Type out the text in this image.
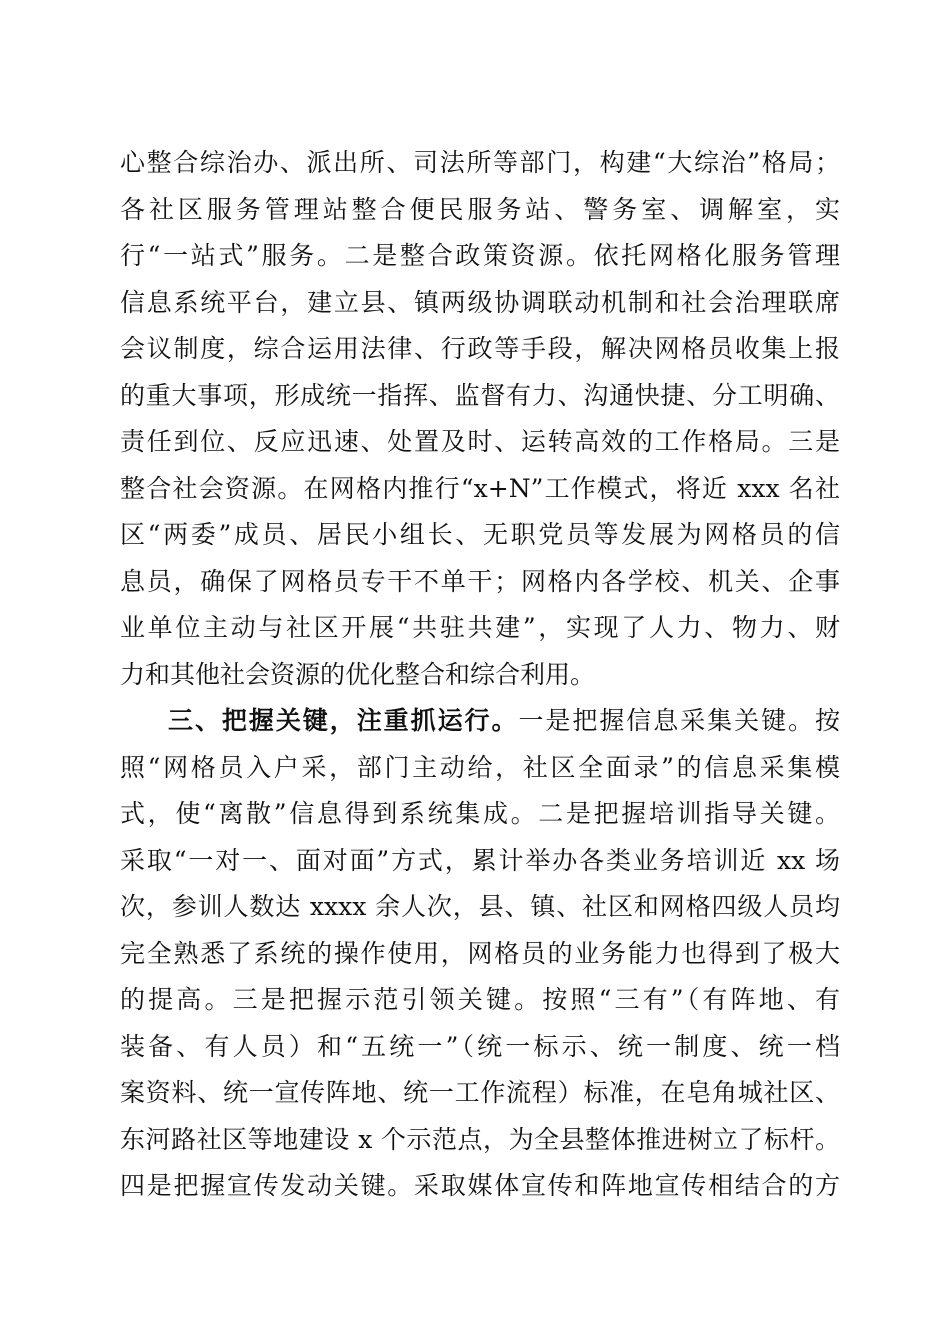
心整合综治办、派出所、司法所等部门，构建“大综治”格局；

各社区服务管理站整合便民服务站、警务室、调解室，实

行“一站式”服务。二是整合政策资源。依托网格化服务管理

信息系统平台，建立县、镇两级协调联动机制和社会治理联席

会议制度，综合运用法律、行政等手段，解决网格员收集上报

的重大事项，形成统一指挥、监督有力、沟通快捷、分工明确、

责任到位、反应迅速、处置及时、运转高效的工作格局。三是

整合社会资源。在网格内推行“x+N”工作模式，将近 xxx 名社

区“两委”成员、居民小组长、无职党员等发展为网格员的信

息员，确保了网格员专干不单干；网格内各学校、机关、企事

业单位主动与社区开展“共驻共建”，实现了人力、物力、财

力和其他社会资源的优化整合和综合利用。

三、把握关键，注重抓运行。一是把握信息采集关键。按

照“网格员入户采，部门主动给，社区全面录”的信息采集模

式，使“离散”信息得到系统集成。二是把握培训指导关键。

采取“一对一、面对面”方式，累计举办各类业务培训近 xx 场

次，参训人数达 xxxx 余人次，县、镇、社区和网格四级人员均

完全熟悉了系统的操作使用，网格员的业务能力也得到了极大

的提高。三是把握示范引领关键。按照“三有”（有阵地、有

装备、有人员）和“五统一”（统一标示、统一制度、统一档

案资料、统一宣传阵地、统一工作流程）标准，在皂角城社区、

东河路社区等地建设 x 个示范点，为全县整体推进树立了标杆。

四是把握宣传发动关键。采取媒体宣传和阵地宣传相结合的方
